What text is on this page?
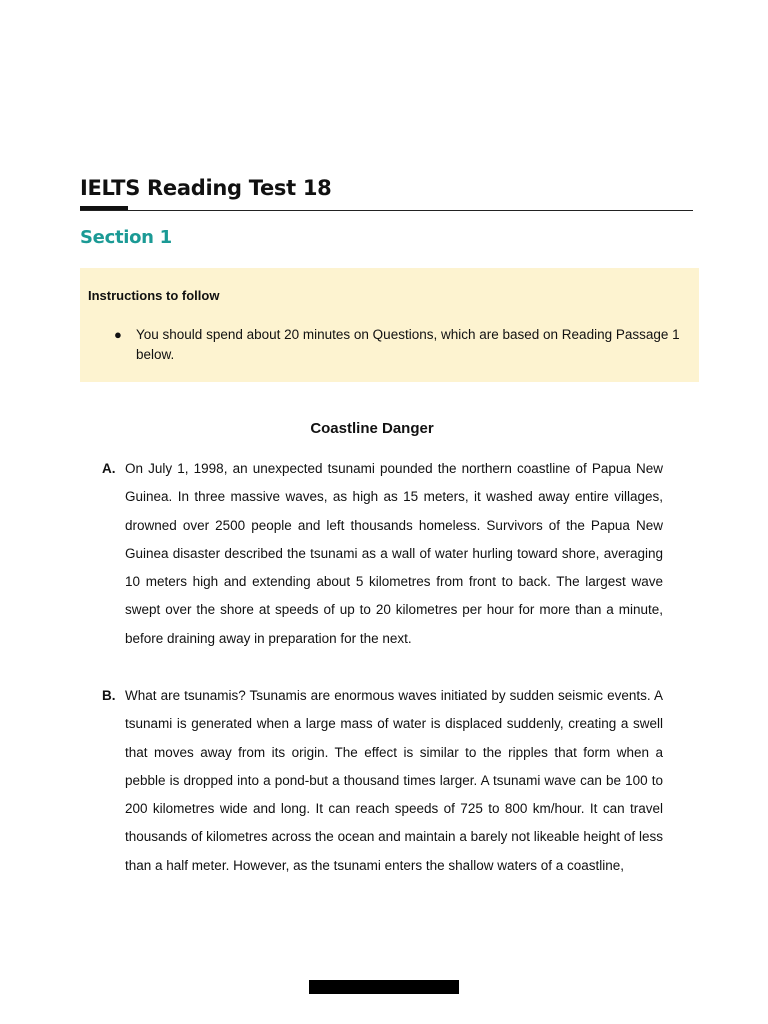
IELTS Reading Test 18
Section 1

Instructions to follow

● You should spend about 20 minutes on Questions, which are based on Reading Passage 1 below.
Coastline Danger
A. On July 1, 1998, an unexpected tsunami pounded the northern coastline of Papua New Guinea. In three massive waves, as high as 15 meters, it washed away entire villages, drowned over 2500 people and left thousands homeless. Survivors of the Papua New Guinea disaster described the tsunami as a wall of water hurling toward shore, averaging 10 meters high and extending about 5 kilometres from front to back. The largest wave swept over the shore at speeds of up to 20 kilometres per hour for more than a minute, before draining away in preparation for the next.

B. What are tsunamis? Tsunamis are enormous waves initiated by sudden seismic events. A tsunami is generated when a large mass of water is displaced suddenly, creating a swell that moves away from its origin. The effect is similar to the ripples that form when a pebble is dropped into a pond-but a thousand times larger. A tsunami wave can be 100 to 200 kilometres wide and long. It can reach speeds of 725 to 800 km/hour. It can travel thousands of kilometres across the ocean and maintain a barely not likeable height of less than a half meter. However, as the tsunami enters the shallow waters of a coastline,
